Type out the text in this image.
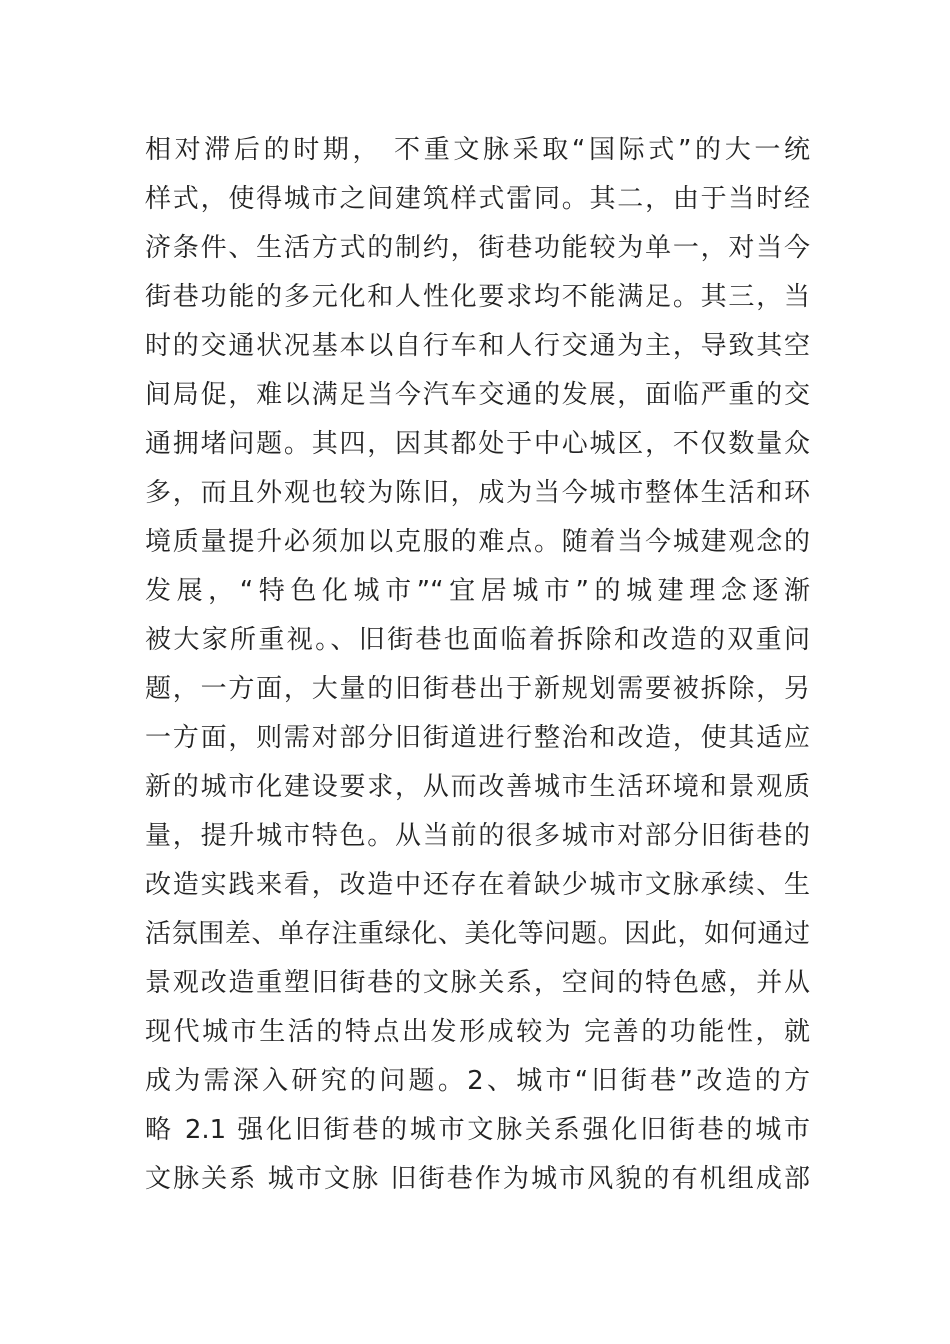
相对滞后的时期， 不重文脉采取“国际式”的大一统
样式，使得城市之间建筑样式雷同。其二，由于当时经
济条件、生活方式的制约，街巷功能较为单一，对当今
街巷功能的多元化和人性化要求均不能满足。其三，当
时的交通状况基本以自行车和人行交通为主，导致其空
间局促，难以满足当今汽车交通的发展，面临严重的交
通拥堵问题。其四，因其都处于中心城区，不仅数量众
多，而且外观也较为陈旧，成为当今城市整体生活和环
境质量提升必须加以克服的难点。随着当今城建观念的
发展，“特色化城市”“宜居城市”的城建理念逐渐
被大家所重视。、旧街巷也面临着拆除和改造的双重问
题，一方面，大量的旧街巷出于新规划需要被拆除，另
一方面，则需对部分旧街道进行整治和改造，使其适应
新的城市化建设要求，从而改善城市生活环境和景观质
量，提升城市特色。从当前的很多城市对部分旧街巷的
改造实践来看，改造中还存在着缺少城市文脉承续、生
活氛围差、单存注重绿化、美化等问题。因此，如何通过
景观改造重塑旧街巷的文脉关系，空间的特色感，并从
现代城市生活的特点出发形成较为 完善的功能性，就
成为需深入研究的问题。2、城市“旧街巷”改造的方
略 2.1 强化旧街巷的城市文脉关系强化旧街巷的城市
文脉关系 城市文脉 旧街巷作为城市风貌的有机组成部
